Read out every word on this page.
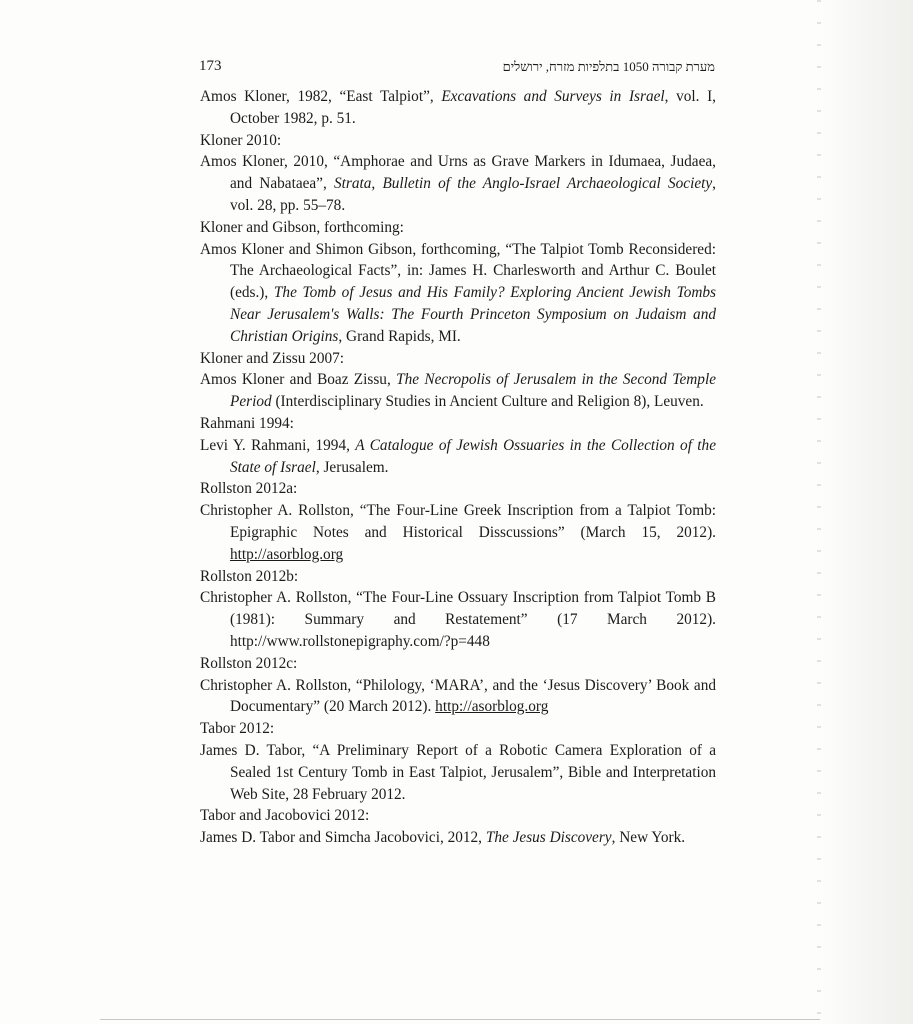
173	מערת קבורה 1050 בתלפיות מזרח, ירושלים

Amos Kloner, 1982, “East Talpiot”, Excavations and Surveys in Israel, vol. I, October 1982, p. 51.

Kloner 2010:

Amos Kloner, 2010, “Amphorae and Urns as Grave Markers in Idumaea, Judaea, and Nabataea”, Strata, Bulletin of the Anglo-Israel Archaeological Society, vol. 28, pp. 55–78.

Kloner and Gibson, forthcoming:

Amos Kloner and Shimon Gibson, forthcoming, “The Talpiot Tomb Reconsidered: The Archaeological Facts”, in: James H. Charlesworth and Arthur C. Boulet (eds.), The Tomb of Jesus and His Family? Exploring Ancient Jewish Tombs Near Jerusalem's Walls: The Fourth Princeton Symposium on Judaism and Christian Origins, Grand Rapids, MI.

Kloner and Zissu 2007:

Amos Kloner and Boaz Zissu, The Necropolis of Jerusalem in the Second Temple Period (Interdisciplinary Studies in Ancient Culture and Religion 8), Leuven.

Rahmani 1994:

Levi Y. Rahmani, 1994, A Catalogue of Jewish Ossuaries in the Collection of the State of Israel, Jerusalem.

Rollston 2012a:

Christopher A. Rollston, “The Four-Line Greek Inscription from a Talpiot Tomb: Epigraphic Notes and Historical Disscussions” (March 15, 2012). http://asorblog.org

Rollston 2012b:

Christopher A. Rollston, “The Four-Line Ossuary Inscription from Talpiot Tomb B (1981): Summary and Restatement” (17 March 2012). http://www.rollstonepigraphy.com/?p=448

Rollston 2012c:

Christopher A. Rollston, “Philology, ‘MARA’, and the ‘Jesus Discovery’ Book and Documentary” (20 March 2012). http://asorblog.org

Tabor 2012:

James D. Tabor, “A Preliminary Report of a Robotic Camera Exploration of a Sealed 1st Century Tomb in East Talpiot, Jerusalem”, Bible and Interpretation Web Site, 28 February 2012.

Tabor and Jacobovici 2012:

James D. Tabor and Simcha Jacobovici, 2012, The Jesus Discovery, New York.
